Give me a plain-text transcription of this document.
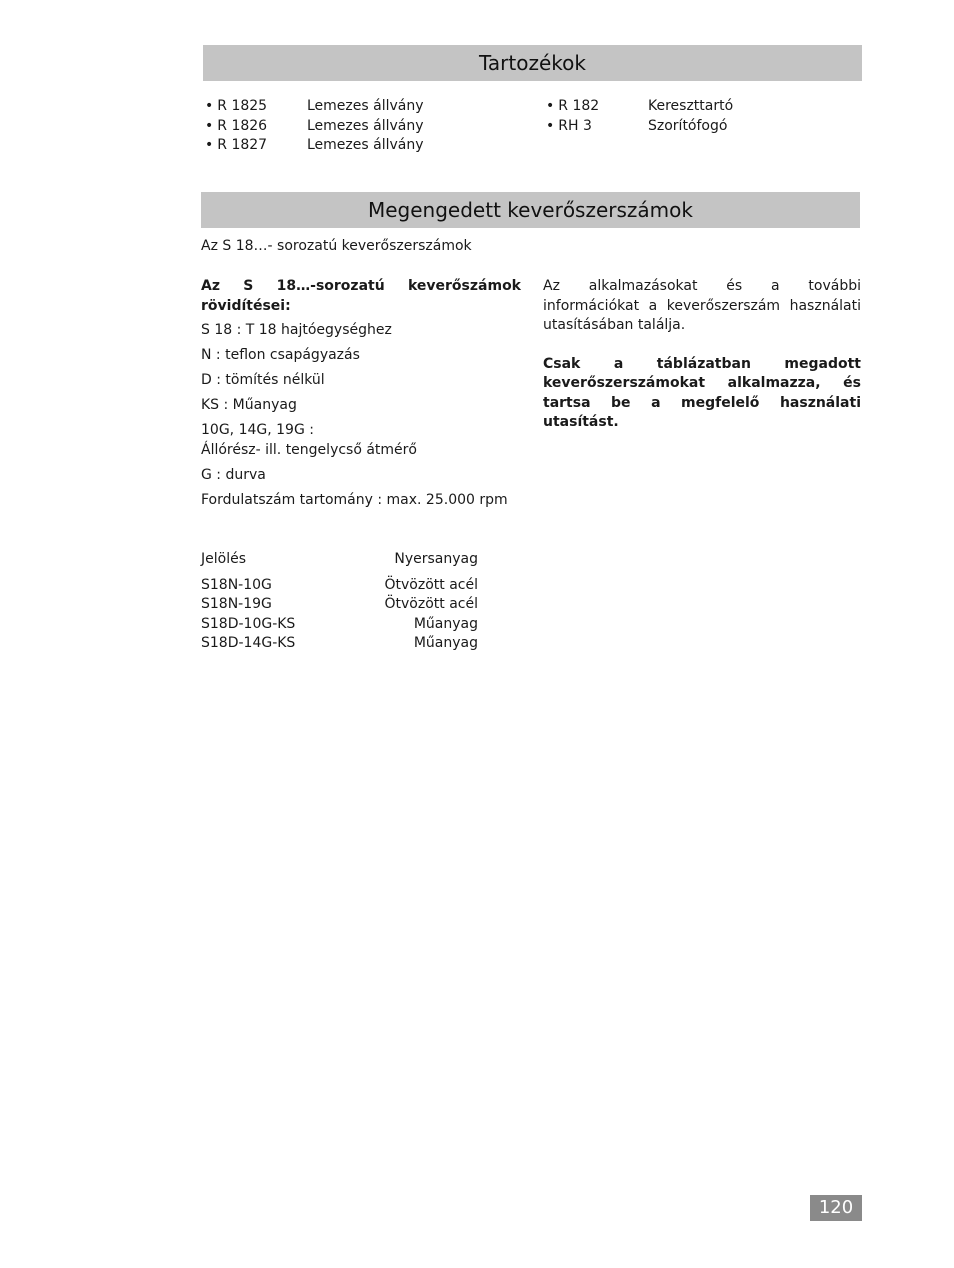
Tartozékok
• R 1825	Lemezes állvány
• R 1826	Lemezes állvány
• R 1827	Lemezes állvány
• R 182	Kereszttartó
• RH 3	Szorítófogó
Megengedett keverőszerszámok
Az S 18…- sorozatú keverőszerszámok
Az S 18…-sorozatú keverőszámok rövidítései:
S 18 : T 18 hajtóegységhez
N : teflon csapágyazás
D : tömítés nélkül
KS : Műanyag
10G, 14G, 19G :
Állórész- ill. tengelycső átmérő
G : durva
Fordulatszám tartomány : max. 25.000 rpm

Az alkalmazásokat és a további információkat a keverőszerszám használati utasításában találja.

Csak a táblázatban megadott keverőszerszámokat alkalmazza, és tartsa be a megfelelő használati utasítást.

Jelölés	Nyersanyag
S18N-10G	Ötvözött acél
S18N-19G	Ötvözött acél
S18D-10G-KS	Műanyag
S18D-14G-KS	Műanyag
120
